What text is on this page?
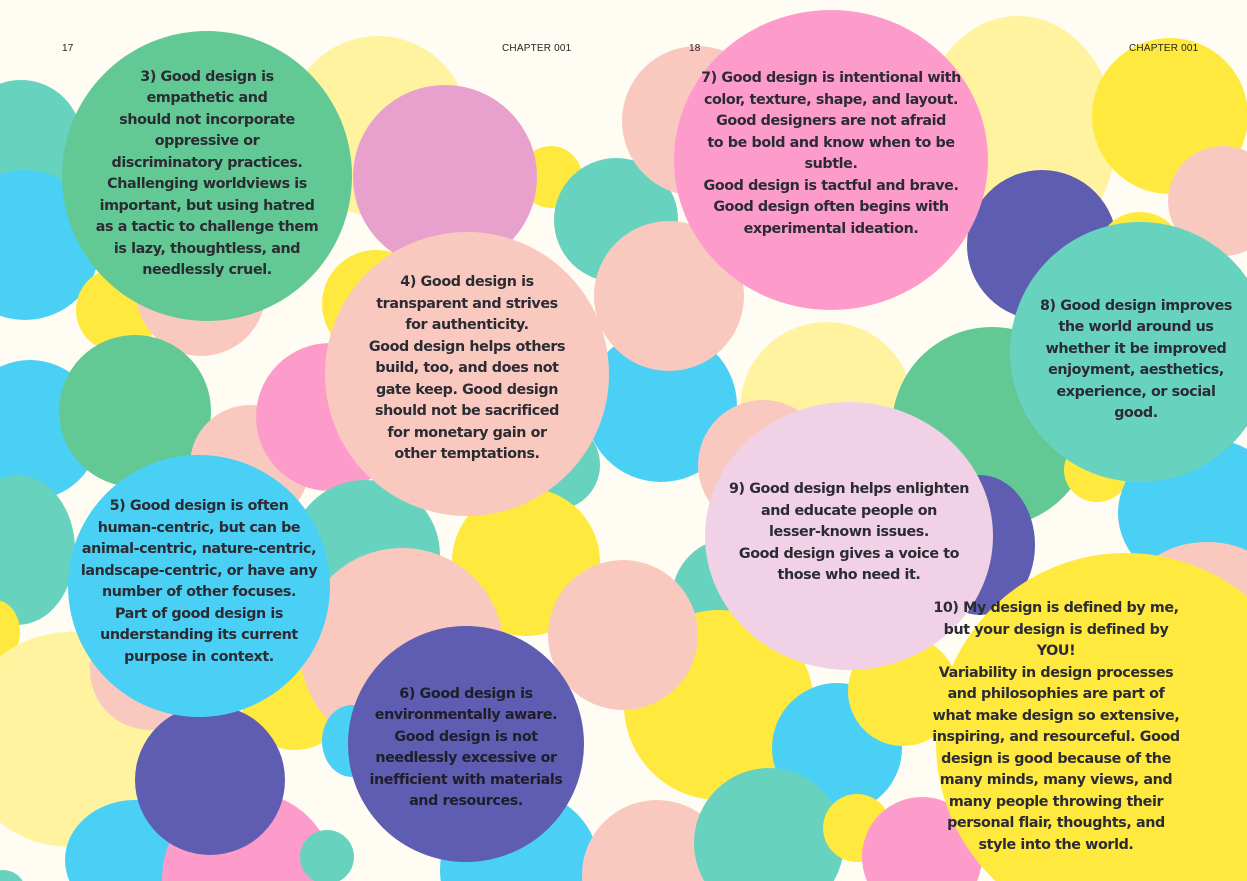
17	CHAPTER 001	18	CHAPTER 001

3) Good design is

empathetic and

should not incorporate

oppressive or

discriminatory practices.

Challenging worldviews is

important, but using hatred

as a tactic to challenge them

is lazy, thoughtless, and

needlessly cruel.

4) Good design is

transparent and strives

for authenticity.

Good design helps others

build, too, and does not

gate keep. Good design

should not be sacrificed

for monetary gain or

other temptations.

5) Good design is often

human-centric, but can be

animal-centric, nature-centric,

landscape-centric, or have any

number of other focuses.

Part of good design is

understanding its current

purpose in context.

6) Good design is

environmentally aware.

Good design is not

needlessly excessive or

inefficient with materials

and resources.

7) Good design is intentional with

color, texture, shape, and layout.

Good designers are not afraid

to be bold and know when to be

subtle.

Good design is tactful and brave.

Good design often begins with

experimental ideation.

8) Good design improves

the world around us

whether it be improved

enjoyment, aesthetics,

experience, or social

good.

9) Good design helps enlighten

and educate people on

lesser-known issues.

Good design gives a voice to

those who need it.

10) My design is defined by me,

but your design is defined by

YOU!

Variability in design processes

and philosophies are part of

what make design so extensive,

inspiring, and resourceful. Good

design is good because of the

many minds, many views, and

many people throwing their

personal flair, thoughts, and

style into the world.
